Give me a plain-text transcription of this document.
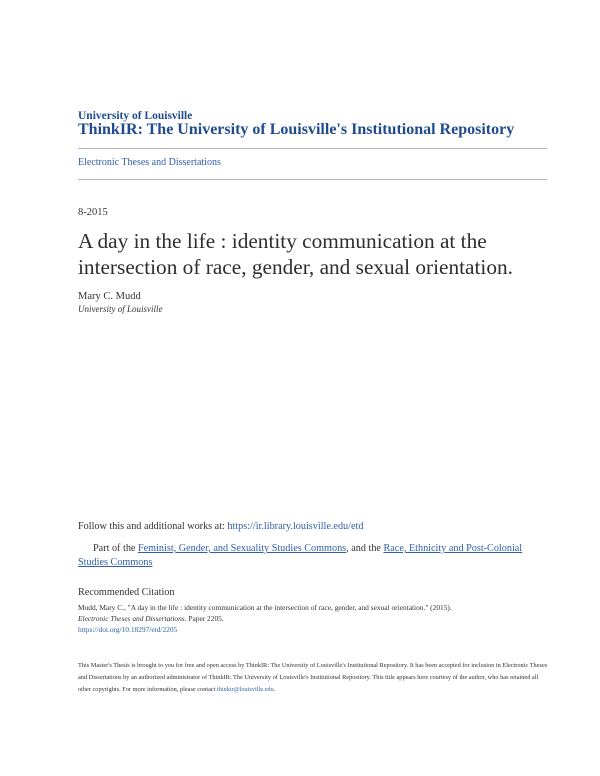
University of Louisville
ThinkIR: The University of Louisville's Institutional Repository
Electronic Theses and Dissertations
8-2015
A day in the life : identity communication at the intersection of race, gender, and sexual orientation.
Mary C. Mudd
University of Louisville
Follow this and additional works at: https://ir.library.louisville.edu/etd
Part of the Feminist, Gender, and Sexuality Studies Commons, and the Race, Ethnicity and Post-Colonial Studies Commons
Recommended Citation
Mudd, Mary C., "A day in the life : identity communication at the intersection of race, gender, and sexual orientation." (2015).
Electronic Theses and Dissertations. Paper 2205.
https://doi.org/10.18297/etd/2205
This Master's Thesis is brought to you for free and open access by ThinkIR: The University of Louisville's Institutional Repository. It has been accepted for inclusion in Electronic Theses and Dissertations by an authorized administrator of ThinkIR: The University of Louisville's Institutional Repository. This title appears here courtesy of the author, who has retained all other copyrights. For more information, please contact thinkir@louisville.edu.
